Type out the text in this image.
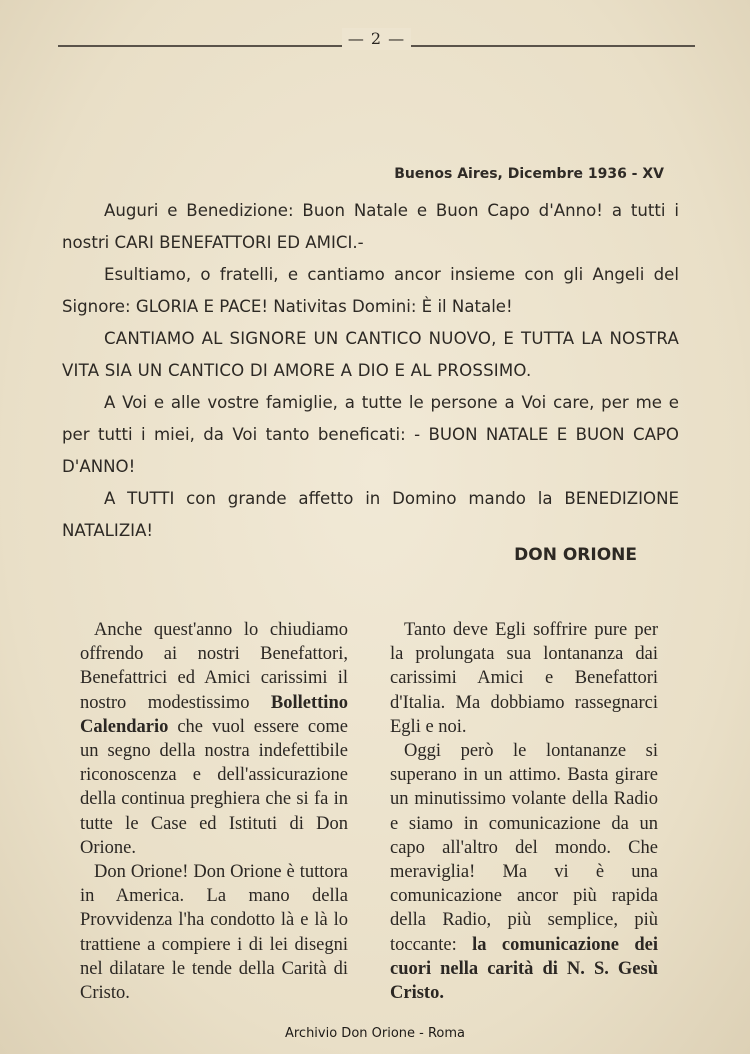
— 2 —
Buenos Aires, Dicembre 1936 - XV

Auguri e Benedizione: Buon Natale e Buon Capo d'Anno! a tutti i nostri CARI BENEFATTORI ED AMICI.-

Esultiamo, o fratelli, e cantiamo ancor insieme con gli Angeli del Signore: GLORIA E PACE! Nativitas Domini: È il Natale!

CANTIAMO AL SIGNORE UN CANTICO NUOVO, E TUTTA LA NOSTRA VITA SIA UN CANTICO DI AMORE A DIO E AL PROSSIMO.

A Voi e alle vostre famiglie, a tutte le persone a Voi care, per me e per tutti i miei, da Voi tanto beneficati: - BUON NATALE E BUON CAPO D'ANNO!

A TUTTI con grande affetto in Domino mando la BENEDIZIONE NATALIZIA!

DON ORIONE

Anche quest'anno lo chiudiamo offrendo ai nostri Benefattori, Benefattrici ed Amici carissimi il nostro modestissimo Bollettino Calendario che vuol essere come un segno della nostra indefettibile riconoscenza e dell'assicurazione della continua preghiera che si fa in tutte le Case ed Istituti di Don Orione.

Don Orione! Don Orione è tuttora in America. La mano della Provvidenza l'ha condotto là e là lo trattiene a compiere i di lei disegni nel dilatare le tende della Carità di Cristo.

Tanto deve Egli soffrire pure per la prolungata sua lontananza dai carissimi Amici e Benefattori d'Italia. Ma dobbiamo rassegnarci Egli e noi.

Oggi però le lontananze si superano in un attimo. Basta girare un minutissimo volante della Radio e siamo in comunicazione da un capo all'altro del mondo. Che meraviglia! Ma vi è una comunicazione ancor più rapida della Radio, più semplice, più toccante: la comunicazione dei cuori nella carità di N. S. Gesù Cristo.

Archivio Don Orione - Roma
